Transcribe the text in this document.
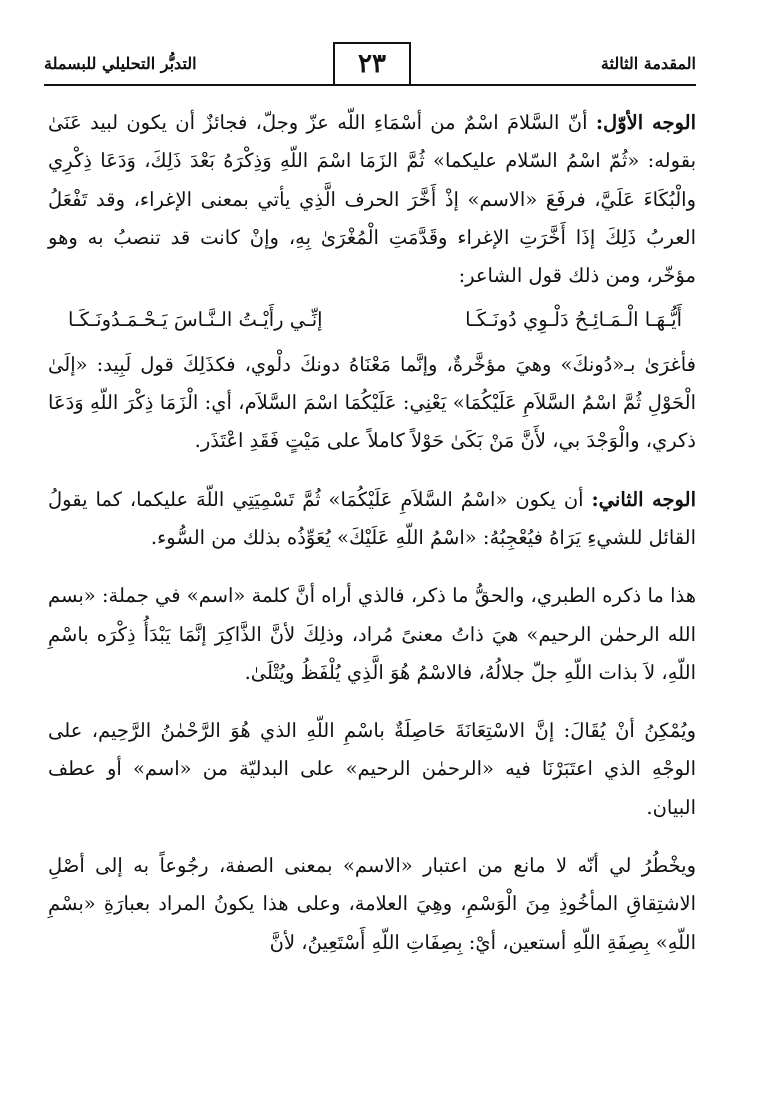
المقدمة الثالثة
٢٣
التدبُّر التحليلي للبسملة

الوجه الأوّل: أنّ السَّلامَ اسْمٌ من أسْمَاءِ اللّه عزّ وجلّ، فجائزٌ أن يكون لبيد عَنَىٰ بقوله: «ثُمّ اسْمُ السّلام عليكما» ثُمَّ الزَمَا اسْمَ اللّهِ وَذِكْرَهُ بَعْدَ ذَلِكَ، وَدَعَا ذِكْرِي والْبُكَاءَ عَلَيَّ، فرفَعَ «الاسم» إذْ أَخَّرَ الحرف الَّذِي يأتي بمعنى الإغراء، وقد تَفْعَلُ العربُ ذَلِكَ إذَا أَخَّرَتِ الإغراء وقَدَّمَتِ الْمُغْرَىٰ بِهِ، وإنْ كانت قد تنصبُ به وهو مؤخّر، ومن ذلك قول الشاعر:

أَيُّـهَـا الْـمَـائِـحُ دَلْـوِي دُونَـكَـا
إنِّـي رأَيْـتُ الـنَّـاسَ يَـحْـمَـدُونَـكَـا

فأغرَىٰ بـ«دُونكَ» وهيَ مؤخَّرةٌ، وإنَّما مَعْنَاهُ دونكَ دلْوي، فكذَلِكَ قول لَبِيد: «إلَىٰ الْحَوْلِ ثُمَّ اسْمُ السَّلاَمِ عَلَيْكُمَا» يَعْنِي: عَلَيْكُمَا اسْمَ السَّلاَم، أي: الْزَمَا ذِكْرَ اللّهِ وَدَعَا ذكري، والْوَجْدَ بي، لأَنَّ مَنْ بَكَىٰ حَوْلاً كاملاً على مَيْتٍ فَقَدِ اعْتَذَر.

الوجه الثاني: أن يكون «اسْمُ السَّلاَمِ عَلَيْكُمَا» ثُمَّ تَسْمِيَتِي اللّهَ عليكما، كما يقولُ القائل للشيءِ يَرَاهُ فيُعْجِبُهُ: «اسْمُ اللّهِ عَلَيْكَ» يُعَوِّذُه بذلك من السُّوء.

هذا ما ذكره الطبري، والحقُّ ما ذكر، فالذي أراه أنَّ كلمة «اسم» في جملة: «بسم الله الرحمٰن الرحيم» هيَ ذاتُ معنىً مُراد، وذلِكَ لأنَّ الذَّاكِرَ إنَّمَا يَبْدَأُ ذِكْرَه باسْمِ اللّهِ، لاَ بذات اللّهِ جلّ جلالُهُ، فالاسْمُ هُوَ الَّذِي يُلْفَظُ ويُتْلَىٰ.

ويُمْكِنُ أنْ يُقَالَ: إنَّ الاسْتِعَانَةَ حَاصِلَةٌ باسْمِ اللّهِ الذي هُوَ الرَّحْمٰنُ الرَّحِيم، على الوجْهِ الذي اعتَبَرْنَا فيه «الرحمٰن الرحيم» على البدليّة من «اسم» أو عطف البيان.

ويخْطُرُ لي أنّه لا مانع من اعتبار «الاسم» بمعنى الصفة، رجُوعاً به إلى أصْلِ الاشتِقاقِ المأخُوذِ مِنَ الْوَسْمِ، وهِيَ العلامة، وعلى هذا يكونُ المراد بعبارَةِ «بسْمِ اللّهِ» بِصِفَةِ اللّهِ أستعين، أيْ: بِصِفَاتِ اللّهِ أَسْتَعِينُ، لأنَّ
